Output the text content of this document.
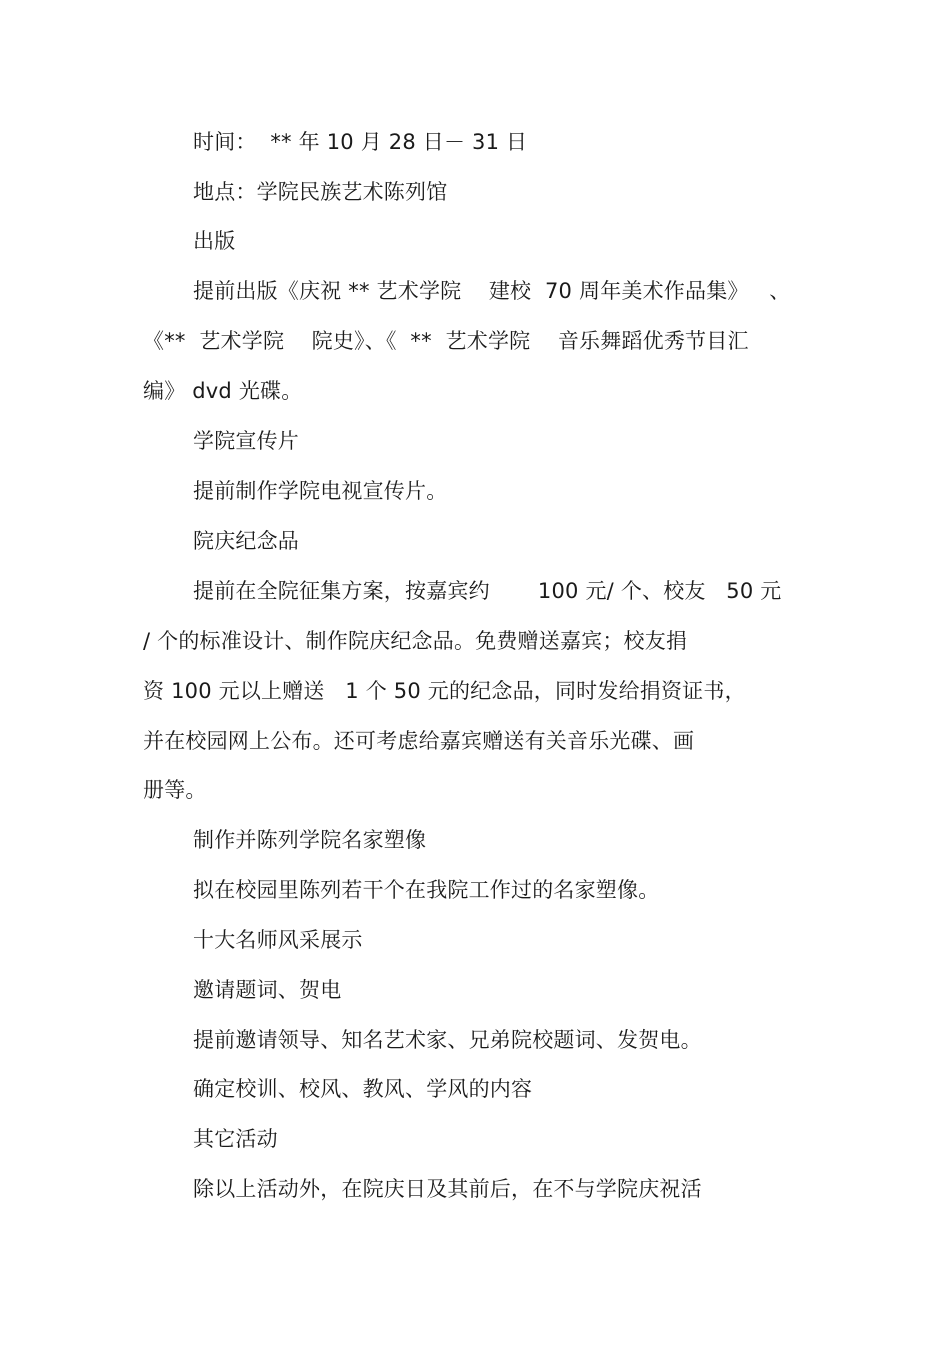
时间：  ** 年 10 月 28 日－ 31 日
地点：学院民族艺术陈列馆
出版
提前出版《庆祝 ** 艺术学院    建校  70 周年美术作品集》   、
《**  艺术学院    院史》、《  **  艺术学院    音乐舞蹈优秀节目汇
编》 dvd 光碟。
学院宣传片
提前制作学院电视宣传片。
院庆纪念品
提前在全院征集方案，按嘉宾约       100 元/ 个、校友   50 元
/ 个的标准设计、制作院庆纪念品。免费赠送嘉宾；校友捐
资 100 元以上赠送   1 个 50 元的纪念品，同时发给捐资证书，
并在校园网上公布。还可考虑给嘉宾赠送有关音乐光碟、画
册等。
制作并陈列学院名家塑像
拟在校园里陈列若干个在我院工作过的名家塑像。
十大名师风采展示
邀请题词、贺电
提前邀请领导、知名艺术家、兄弟院校题词、发贺电。
确定校训、校风、教风、学风的内容
其它活动
除以上活动外，在院庆日及其前后，在不与学院庆祝活
